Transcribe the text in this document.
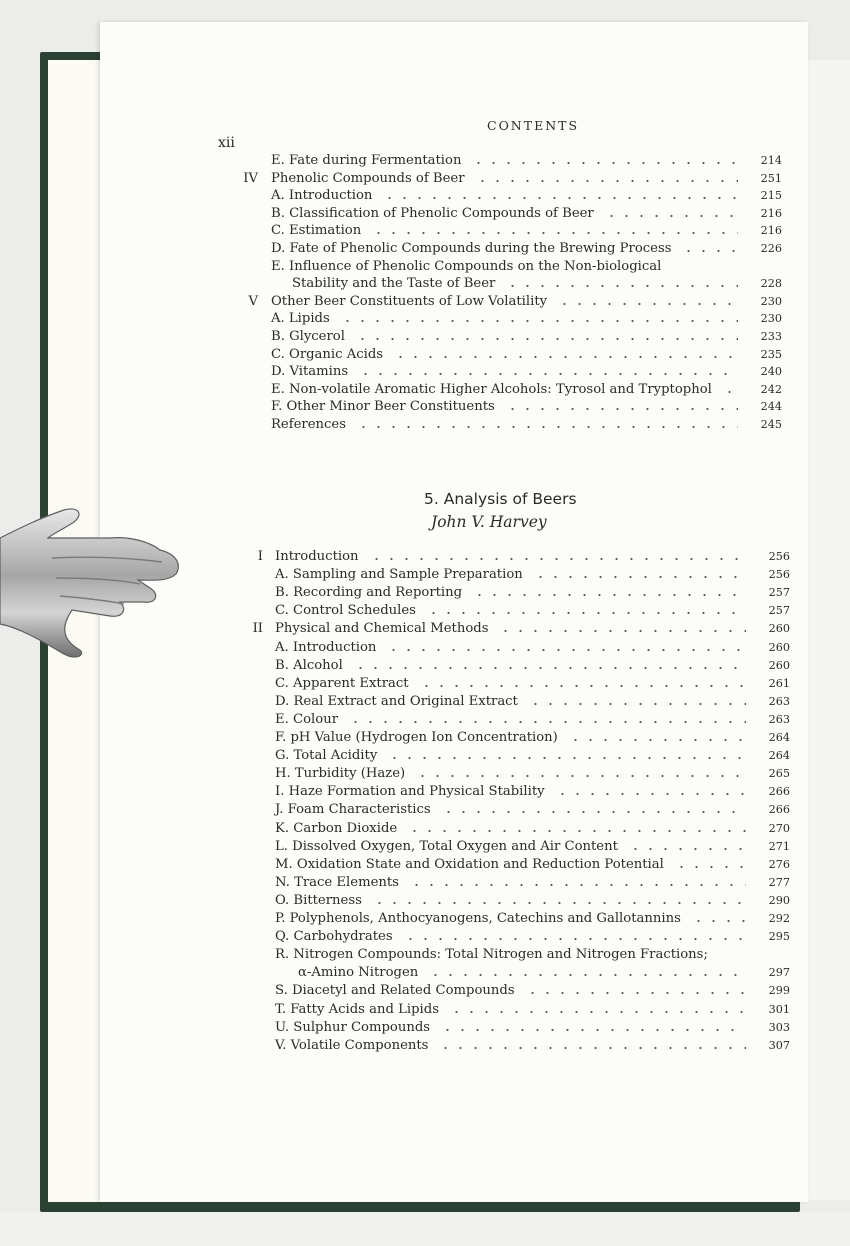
xii
CONTENTS
E. Fate during Fermentation	214
IV Phenolic Compounds of Beer	251
A. Introduction	215
B. Classification of Phenolic Compounds of Beer	216
C. Estimation	216
D. Fate of Phenolic Compounds during the Brewing Process	226
E. Influence of Phenolic Compounds on the Non-biological
Stability and the Taste of Beer	228
V Other Beer Constituents of Low Volatility	230
A. Lipids	230
B. Glycerol	233
C. Organic Acids	235
D. Vitamins	240
E. Non-volatile Aromatic Higher Alcohols: Tyrosol and Tryptophol	242
F. Other Minor Beer Constituents	244
References	245
5. Analysis of Beers
John V. Harvey
I Introduction	256
A. Sampling and Sample Preparation	256
B. Recording and Reporting	257
C. Control Schedules	257
II Physical and Chemical Methods	260
A. Introduction	260
B. Alcohol	260
C. Apparent Extract	261
D. Real Extract and Original Extract	263
E. Colour	263
F. pH Value (Hydrogen Ion Concentration)	264
G. Total Acidity	264
H. Turbidity (Haze)	265
I. Haze Formation and Physical Stability	266
J. Foam Characteristics	266
K. Carbon Dioxide	270
L. Dissolved Oxygen, Total Oxygen and Air Content	271
M. Oxidation State and Oxidation and Reduction Potential	276
N. Trace Elements	277
O. Bitterness	290
P. Polyphenols, Anthocyanogens, Catechins and Gallotannins	292
Q. Carbohydrates	295
R. Nitrogen Compounds: Total Nitrogen and Nitrogen Fractions;
α-Amino Nitrogen	297
S. Diacetyl and Related Compounds	299
T. Fatty Acids and Lipids	301
U. Sulphur Compounds	303
V. Volatile Components	307
